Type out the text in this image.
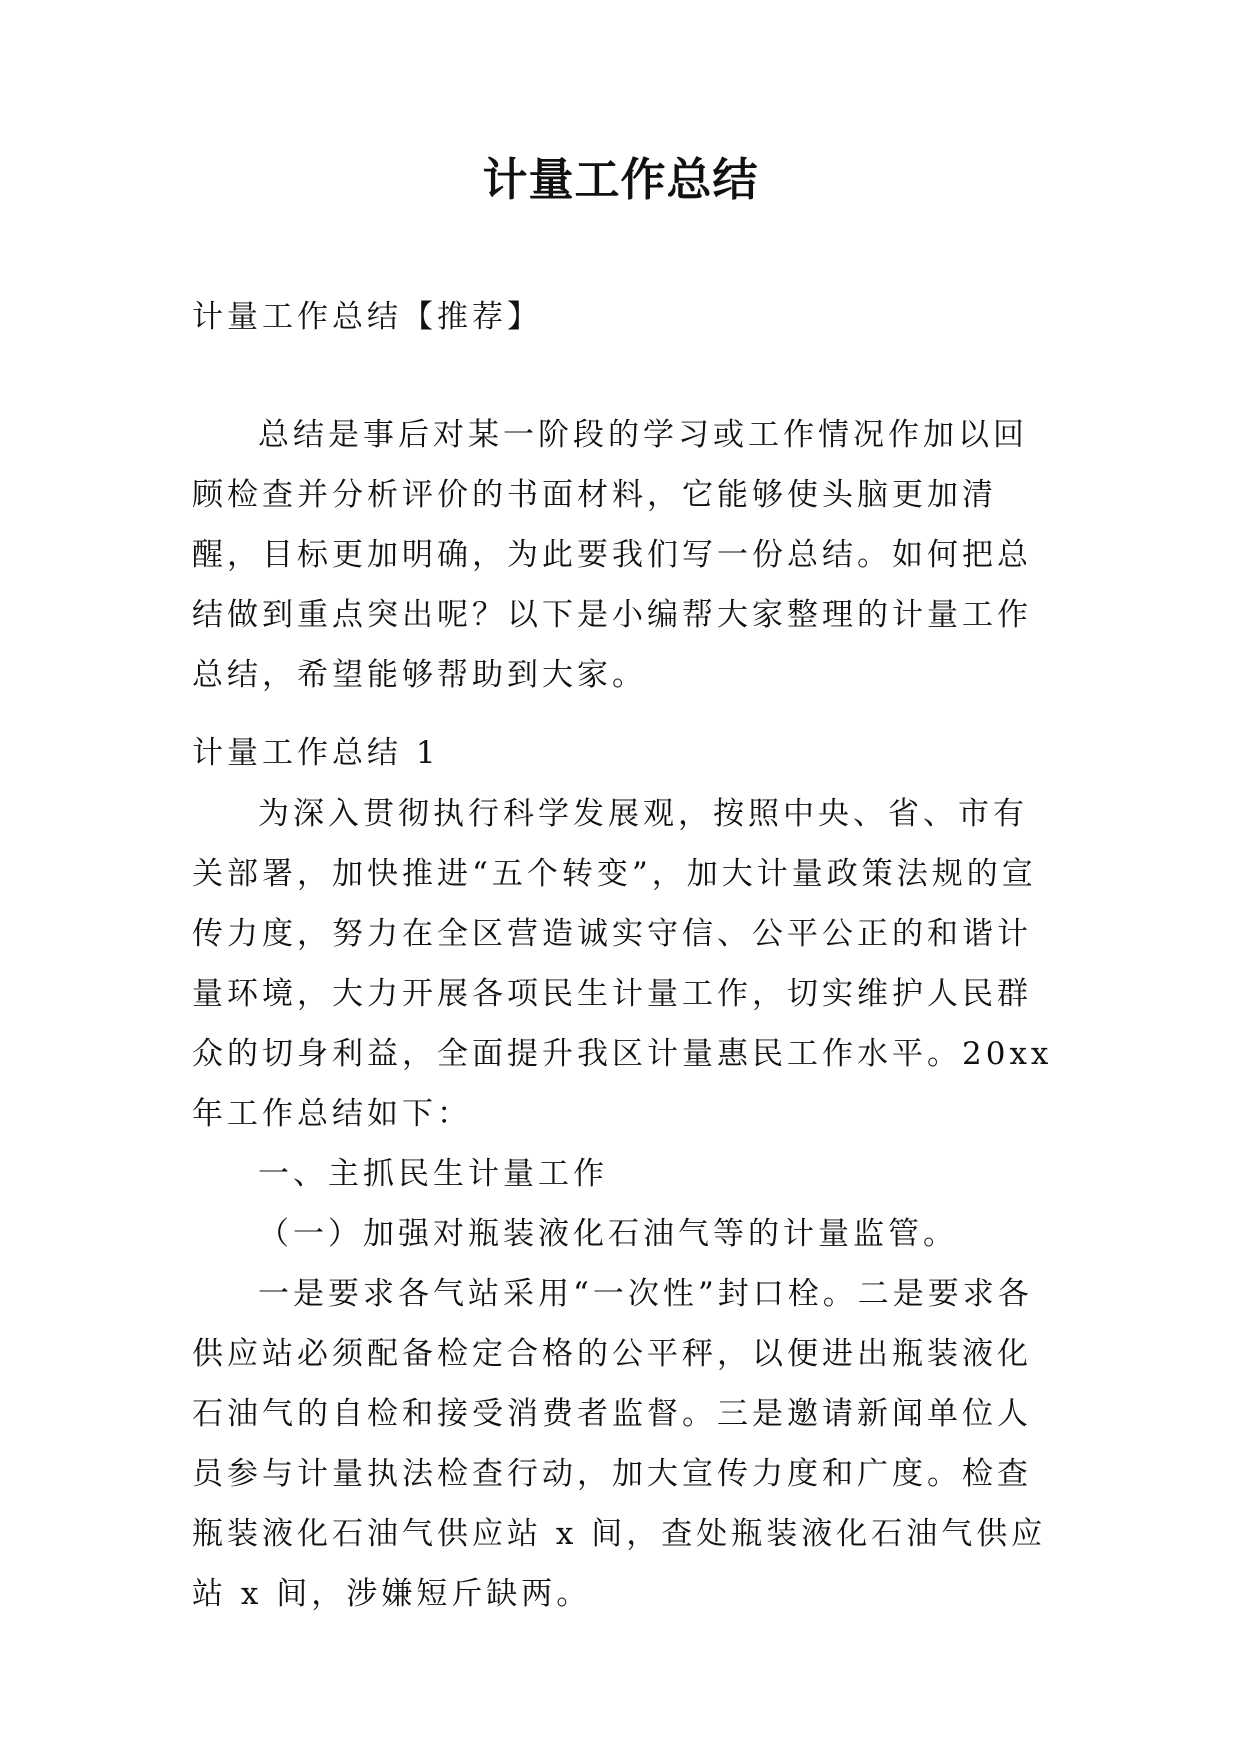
计量工作总结

计量工作总结【推荐】

总结是事后对某一阶段的学习或工作情况作加以回顾检查并分析评价的书面材料，它能够使头脑更加清醒，目标更加明确，为此要我们写一份总结。如何把总结做到重点突出呢？以下是小编帮大家整理的计量工作总结，希望能够帮助到大家。

计量工作总结 1

为深入贯彻执行科学发展观，按照中央、省、市有关部署，加快推进“五个转变”，加大计量政策法规的宣传力度，努力在全区营造诚实守信、公平公正的和谐计量环境，大力开展各项民生计量工作，切实维护人民群众的切身利益，全面提升我区计量惠民工作水平。20xx 年工作总结如下：

一、主抓民生计量工作

（一）加强对瓶装液化石油气等的计量监管。

一是要求各气站采用“一次性”封口栓。二是要求各供应站必须配备检定合格的公平秤，以便进出瓶装液化石油气的自检和接受消费者监督。三是邀请新闻单位人员参与计量执法检查行动，加大宣传力度和广度。检查瓶装液化石油气供应站 x 间，查处瓶装液化石油气供应站 x 间，涉嫌短斤缺两。
